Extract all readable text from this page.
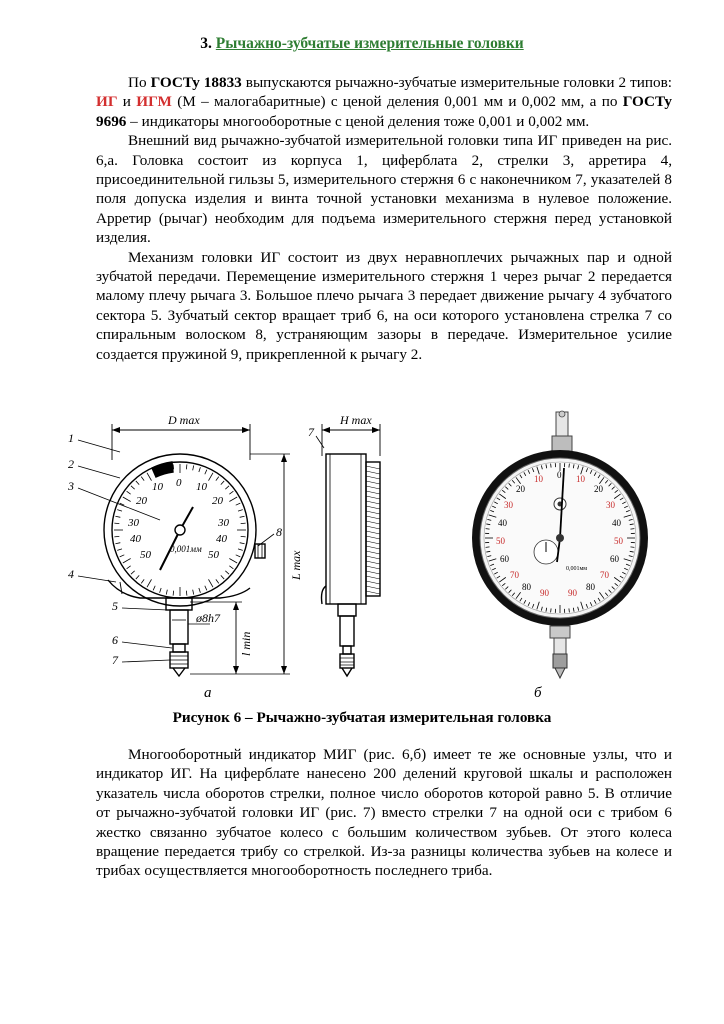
3. Рычажно-зубчатые измерительные головки

По ГОСТу 18833 выпускаются рычажно-зубчатые измерительные головки 2 типов: ИГ и ИГМ (М – малогабаритные) с ценой деления 0,001 мм и 0,002 мм, а по ГОСТу 9696 – индикаторы многооборотные с ценой деления тоже 0,001 и 0,002 мм.

Внешний вид рычажно-зубчатой измерительной головки типа ИГ приведен на рис. 6,а. Головка состоит из корпуса 1, циферблата 2, стрелки 3, арретира 4, присоединительной гильзы 5, измерительного стержня 6 с наконечником 7, указателей 8 поля допуска изделия и винта точной установки механизма в нулевое положение. Арретир (рычаг) необходим для подъема измерительного стержня перед установкой изделия.

Механизм головки ИГ состоит из двух неравноплечих рычажных пар и одной зубчатой передачи. Перемещение измерительного стержня 1 через рычаг 2 передается малому плечу рычага 3. Большое плечо рычага 3 передает движение рычагу 4 зубчатого сектора 5. Зубчатый сектор вращает триб 6, на оси которого установлена стрелка 7 со спиральным волоском 8, устраняющим зазоры в передаче. Измерительное усилие создается пружиной 9, прикрепленной к рычагу 2.

0 10
20
30
40
50
10
20
30
40
50 0,001мм
D max
L max
l min
ø8h7
1
2
3
4
5
6
7
8
7
H max
0 10
20
30
40
50
60
70
80
90
10
20
30
40
50
60
70
80
90
0,001мм
а	б
Рисунок 6 – Рычажно-зубчатая измерительная головка

Многооборотный индикатор МИГ (рис. 6,б) имеет те же основные узлы, что и индикатор ИГ. На циферблате нанесено 200 делений круговой шкалы и расположен указатель числа оборотов стрелки, полное число оборотов которой равно 5. В отличие от рычажно-зубчатой головки ИГ (рис. 7) вместо стрелки 7 на одной оси с трибом 6 жестко связанно зубчатое колесо с большим количеством зубьев. От этого колеса вращение передается трибу со стрелкой. Из-за разницы количества зубьев на колесе и трибах осуществляется многооборотность последнего триба.
